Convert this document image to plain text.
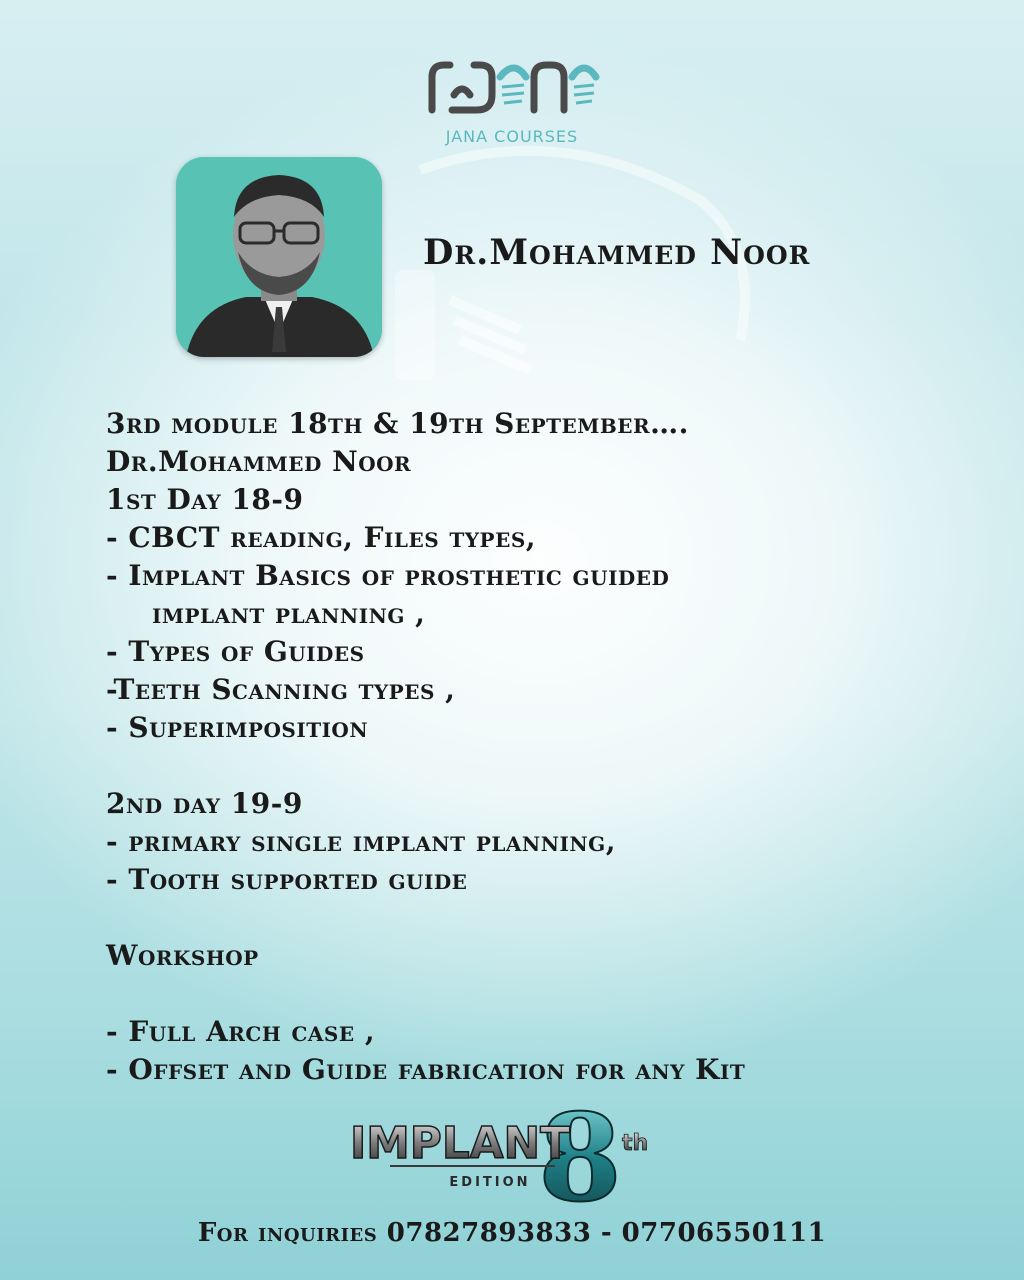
JANA COURSES
Dr.Mohammed Noor
3rd module 18th & 19th September….
Dr.Mohammed Noor
1st Day 18-9
- CBCT reading, Files types,
- Implant Basics of prosthetic guided
implant planning ,
- Types of Guides
-Teeth Scanning types ,
- Superimposition
2nd day 19-9
- primary single implant planning,
- Tooth supported guide
Workshop
- Full Arch case ,
- Offset and Guide fabrication for any Kit
8
IMPLANT th
EDITION
For inquiries 07827893833 - 07706550111
